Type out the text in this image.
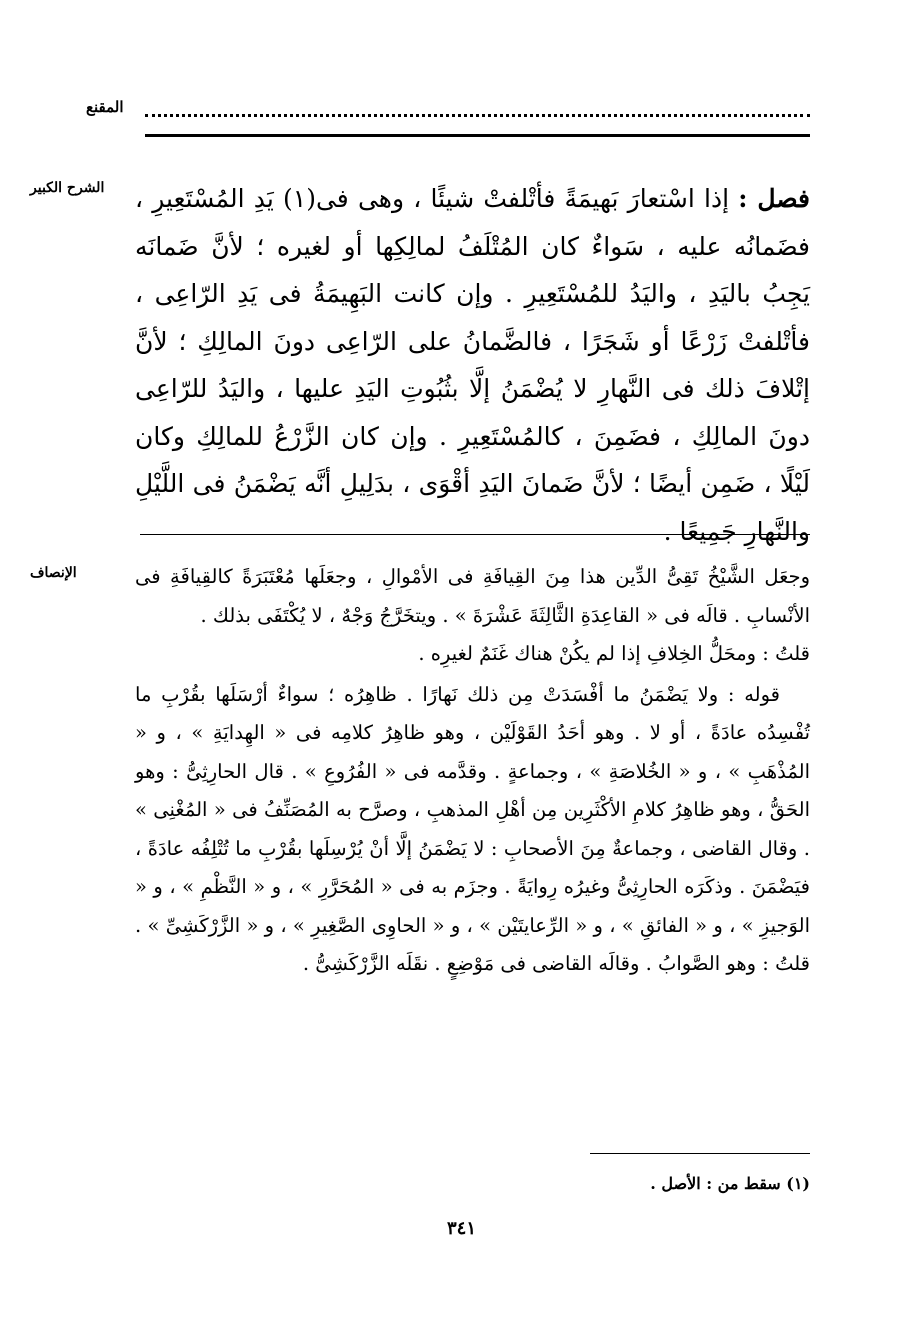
المقنع
الشرح الكبير	فصل : إذا اسْتعارَ بَهيمَةً فأتْلفتْ شيئًا ، وهى فى(١) يَدِ المُسْتَعِيرِ ، فضَمانُه عليه ، سَواءٌ كان المُتْلَفُ لمالِكِها أو لغيره ؛ لأنَّ ضَمانَه يَجِبُ باليَدِ ، واليَدُ للمُسْتَعِيرِ . وإن كانت البَهِيمَةُ فى يَدِ الرّاعِى ، فأتْلفتْ زَرْعًا أو شَجَرًا ، فالضَّمانُ على الرّاعِى دونَ المالِكِ ؛ لأنَّ إتْلافَ ذلك فى النَّهارِ لا يُضْمَنُ إلَّا بثُبُوتِ اليَدِ عليها ، واليَدُ للرّاعِى دونَ المالِكِ ، فضَمِنَ ، كالمُسْتَعِيرِ . وإن كان الزَّرْعُ للمالِكِ وكان لَيْلًا ، ضَمِن أيضًا ؛ لأنَّ ضَمانَ اليَدِ أقْوَى ، بدَلِيلِ أنَّه يَضْمَنُ فى اللَّيْلِ والنَّهارِ جَمِيعًا .
الإنصاف	وجعَل الشَّيْخُ تَقِىُّ الدِّين هذا مِنَ القِيافَةِ فى الأمْوالِ ، وجعَلَها مُعْتَبَرَةً كالقِيافَةِ فى الأنْسابِ . قالَه فى « القاعِدَةِ الثَّالِثَةَ عَشْرَةَ » . ويتخَرَّجُ وَجْهٌ ، لا يُكْتَفَى بذلك .

قلتُ : ومحَلُّ الخِلافِ إذا لم يكُنْ هناك غَنَمٌ لغيرِه .

قوله : ولا يَضْمَنُ ما أفْسَدَتْ مِن ذلك نَهارًا . ظاهِرُه ؛ سواءٌ أرْسَلَها بقُرْبِ ما تُفْسِدُه عادَةً ، أو لا . وهو أحَدُ القَوْلَيْن ، وهو ظاهِرُ كلامِه فى « الهِدايَةِ » ، و « المُذْهَبِ » ، و « الخُلاصَةِ » ، وجماعةٍ . وقدَّمه فى « الفُرُوعِ » . قال الحارِثِىُّ : وهو الحَقُّ ، وهو ظاهِرُ كلامِ الأكْثَرِين مِن أهْلِ المذهبِ ، وصرَّح به المُصَنِّفُ فى « المُغْنِى » . وقال القاضى ، وجماعةٌ مِنَ الأصحابِ : لا يَضْمَنُ إلَّا أنْ يُرْسِلَها بقُرْبِ ما تُتْلِفُه عادَةً ، فيَضْمَنَ . وذكَرَه الحارِثِىُّ وغيرُه رِوايَةً . وجزَم به فى « المُحَرَّرِ » ، و « النَّظْمِ » ، و « الوَجيزِ » ، و « الفائقِ » ، و « الرِّعايتَيْن » ، و « الحاوِى الصَّغِيرِ » ، و « الزَّرْكَشِىِّ » . قلتُ : وهو الصَّوابُ . وقالَه القاضى فى مَوْضِعٍ . نقَلَه الزَّرْكَشِىُّ .

(١) سقط من : الأصل .
٣٤١
